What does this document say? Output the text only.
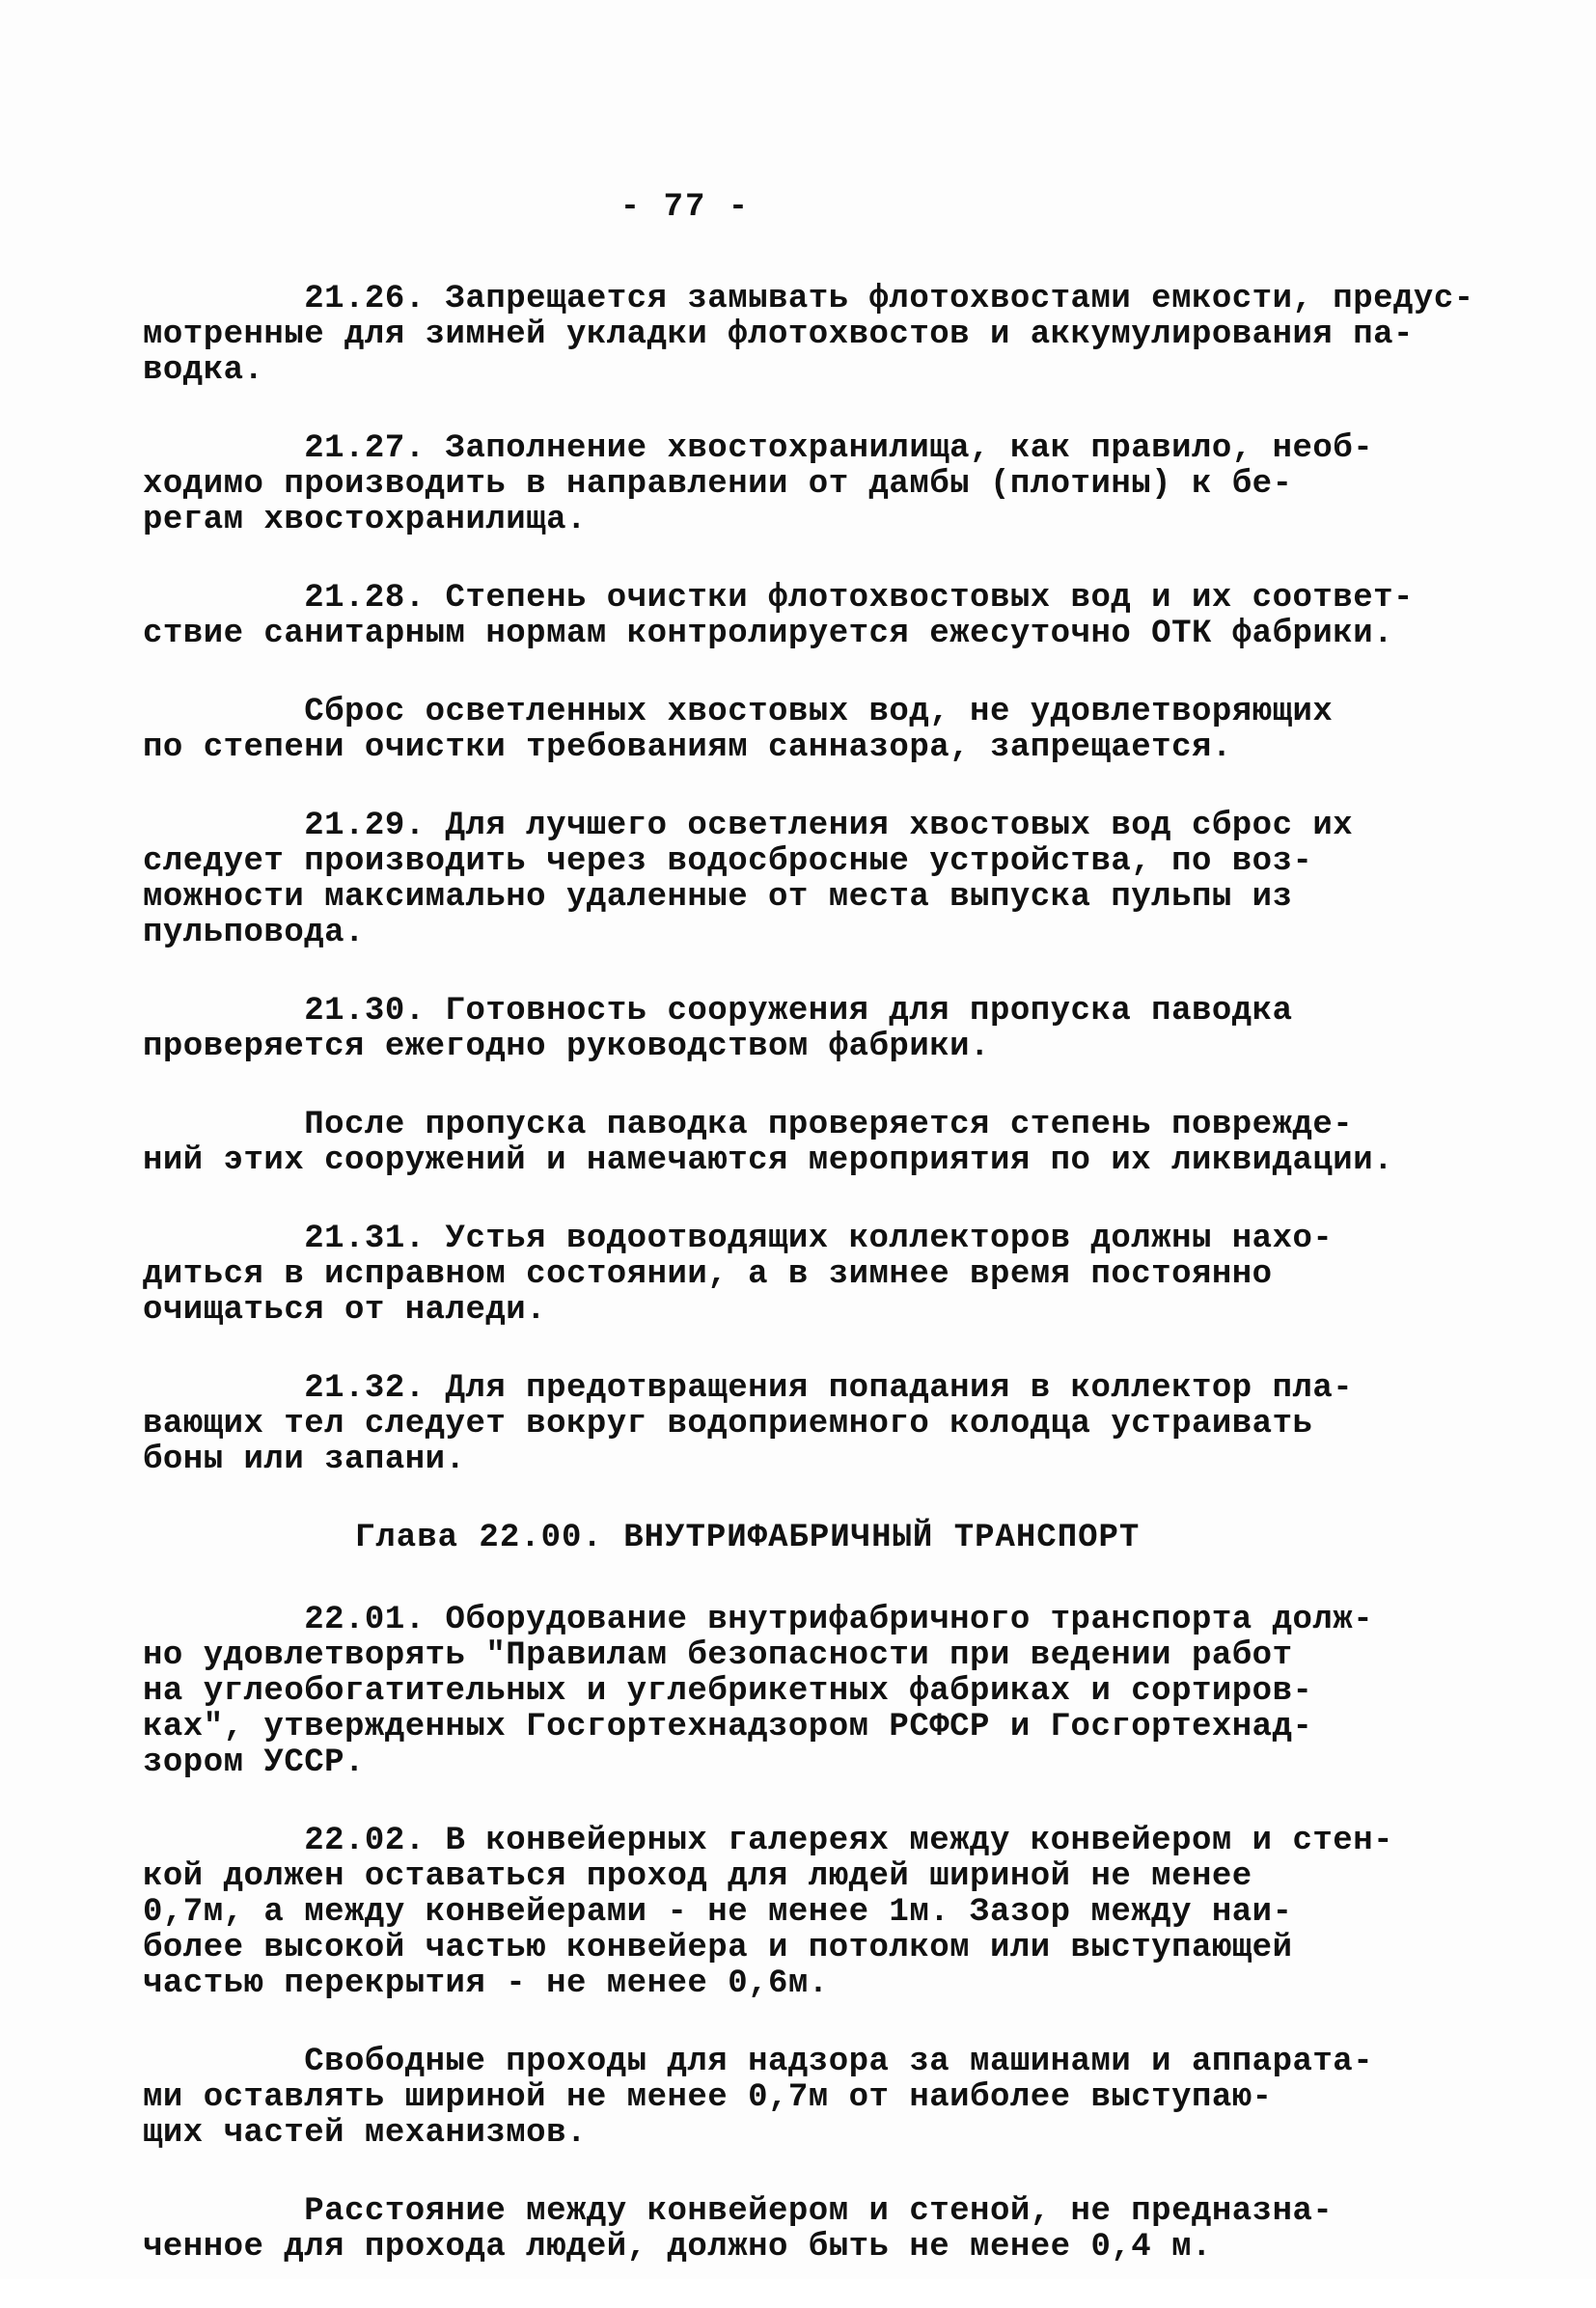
- 77 -

21.26. Запрещается замывать флотохвостами емкости, предус-
мотренные для зимней укладки флотохвостов и аккумулирования па-
водка.

21.27. Заполнение хвостохранилища, как правило, необ-
ходимо производить в направлении от дамбы (плотины) к бе-
регам хвостохранилища.

21.28. Степень очистки флотохвостовых вод и их соответ-
ствие санитарным нормам контролируется ежесуточно ОТК фабрики.

Сброс осветленных хвостовых вод, не удовлетворяющих
по степени очистки требованиям санназора, запрещается.

21.29. Для лучшего осветления хвостовых вод сброс их
следует производить через водосбросные устройства, по воз-
можности максимально удаленные от места выпуска пульпы из
пульповода.

21.30. Готовность сооружения для пропуска паводка
проверяется ежегодно руководством фабрики.

После пропуска паводка проверяется степень поврежде-
ний этих сооружений и намечаются мероприятия по их ликвидации.

21.31. Устья водоотводящих коллекторов должны нахо-
диться в исправном состоянии, а в зимнее время постоянно
очищаться от наледи.

21.32. Для предотвращения попадания в коллектор пла-
вающих тел следует вокруг водоприемного колодца устраивать
боны или запани.

Глава 22.00. ВНУТРИФАБРИЧНЫЙ ТРАНСПОРТ

22.01. Оборудование внутрифабричного транспорта долж-
но удовлетворять "Правилам безопасности при ведении работ
на углеобогатительных и углебрикетных фабриках и сортиров-
ках", утвержденных Госгортехнадзором РСФСР и Госгортехнад-
зором УССР.

22.02. В конвейерных галереях между конвейером и стен-
кой должен оставаться проход для людей шириной не менее
0,7м, а между конвейерами - не менее 1м. Зазор между наи-
более высокой частью конвейера и потолком или выступающей
частью перекрытия - не менее 0,6м.

Свободные проходы для надзора за машинами и аппарата-
ми оставлять шириной не менее 0,7м от наиболее выступаю-
щих частей механизмов.

Расстояние между конвейером и стеной, не предназна-
ченное для прохода людей, должно быть не менее 0,4 м.
